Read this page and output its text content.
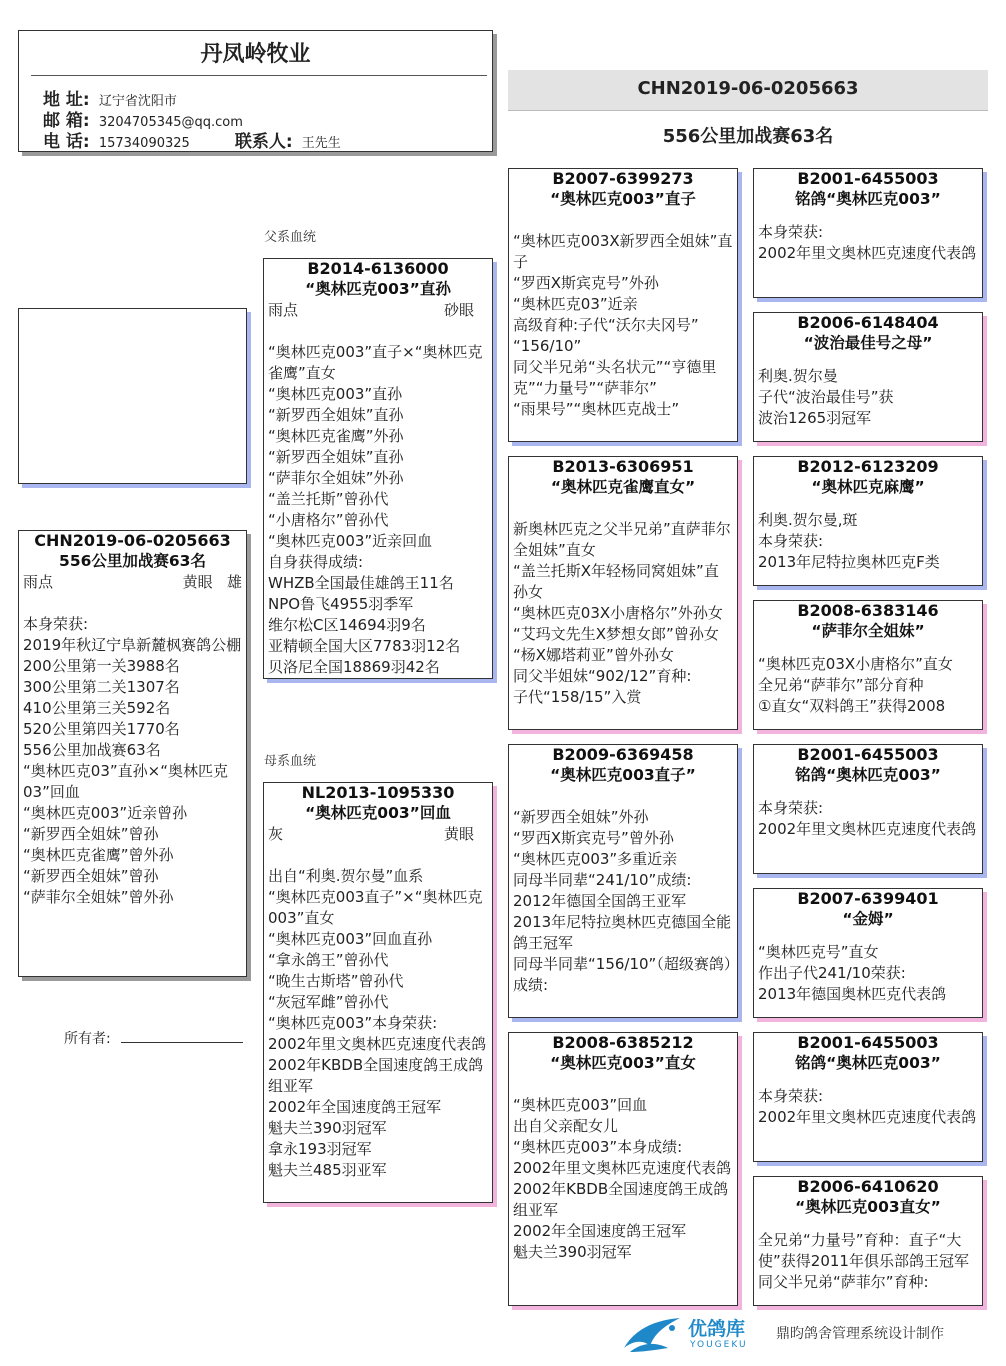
丹凤岭牧业
地 址: 辽宁省沈阳市
邮 箱: 3204705345@qq.com
电 话: 15734090325	联系人: 王先生
CHN2019-06-0205663
556公里加战赛63名
CHN2019-06-0205663
556公里加战赛63名
雨点	黄眼 雄

本身荣获:
2019年秋辽宁阜新麓枫赛鸽公棚
200公里第一关3988名
300公里第二关1307名
410公里第三关592名
520公里第四关1770名
556公里加战赛63名
“奥林匹克03”直孙×“奥林匹克03”回血
“奥林匹克003”近亲曾孙
“新罗西全姐妹”曾孙
“奥林匹克雀鹰”曾外孙
“新罗西全姐妹”曾孙
“萨菲尔全姐妹”曾外孙
所有者:
父系血统
母系血统
B2014-6136000
“奥林匹克003”直孙
雨点	砂眼

“奥林匹克003”直子×“奥林匹克雀鹰”直女
“奥林匹克003”直孙
“新罗西全姐妹”直孙
“奥林匹克雀鹰”外孙
“新罗西全姐妹”直孙
“萨菲尔全姐妹”外孙
“盖兰托斯”曾孙代
“小唐格尔”曾孙代
“奥林匹克003”近亲回血
自身获得成绩:
WHZB全国最佳雄鸽王11名
NPO鲁飞4955羽季军
维尔松C区14694羽9名
亚精顿全国大区7783羽12名
贝洛尼全国18869羽42名
NL2013-1095330
“奥林匹克003”回血
灰	黄眼

出自“利奥.贺尔曼”血系
“奥林匹克003直子”×“奥林匹克003”直女
“奥林匹克003”回血直孙
“拿永鸽王”曾孙代
“晚生古斯塔”曾孙代
“灰冠军雌”曾孙代
“奥林匹克003”本身荣获:
2002年里文奥林匹克速度代表鸽
2002年KBDB全国速度鸽王成鸽组亚军
2002年全国速度鸽王冠军
魁夫兰390羽冠军
拿永193羽冠军
魁夫兰485羽亚军
B2007-6399273
“奥林匹克003”直子

“奥林匹克003X新罗西全姐妹”直子
“罗西X斯宾克号”外孙
“奥林匹克03”近亲
高级育种:子代“沃尔夫冈号”
“156/10”
同父半兄弟“头名状元”“亨德里克”“力量号”“萨菲尔”
“雨果号”“奥林匹克战士”
B2013-6306951
“奥林匹克雀鹰直女”

新奥林匹克之父半兄弟”直萨菲尔全姐妹”直女
“盖兰托斯X年轻杨同窝姐妹”直孙女
“奥林匹克03X小唐格尔”外孙女
“艾玛文先生X梦想女郎”曾孙女
“杨X娜塔莉亚”曾外孙女
同父半姐妹“902/12”育种:
子代“158/15”入赏
B2009-6369458
“奥林匹克003直子”

“新罗西全姐妹”外孙
“罗西X斯宾克号”曾外孙
“奥林匹克003”多重近亲
同母半同辈“241/10”成绩:
2012年德国全国鸽王亚军
2013年尼特拉奥林匹克德国全能鸽王冠军
同母半同辈“156/10”（超级赛鸽）成绩:
B2008-6385212
“奥林匹克003”直女

“奥林匹克003”回血
出自父亲配女儿
“奥林匹克003”本身成绩:
2002年里文奥林匹克速度代表鸽
2002年KBDB全国速度鸽王成鸽组亚军
2002年全国速度鸽王冠军
魁夫兰390羽冠军
B2001-6455003
铭鸽“奥林匹克003”
本身荣获:
2002年里文奥林匹克速度代表鸽
B2006-6148404
“波治最佳号之母”
利奥.贺尔曼
子代“波治最佳号”获
波治1265羽冠军
B2012-6123209
“奥林匹克麻鹰”
利奥.贺尔曼,斑
本身荣获:
2013年尼特拉奥林匹克F类
B2008-6383146
“萨菲尔全姐妹”
“奥林匹克03X小唐格尔”直女
全兄弟“萨菲尔”部分育种
①直女“双料鸽王”获得2008
B2001-6455003
铭鸽“奥林匹克003”
本身荣获:
2002年里文奥林匹克速度代表鸽
B2007-6399401
“金姆”
“奥林匹克号”直女
作出子代241/10荣获:
2013年德国奥林匹克代表鸽
B2001-6455003
铭鸽“奥林匹克003”
本身荣获:
2002年里文奥林匹克速度代表鸽
B2006-6410620
“奥林匹克003直女”
全兄弟“力量号”育种：直子“大使”获得2011年俱乐部鸽王冠军
同父半兄弟“萨菲尔”育种:
优鸽库
YOUGEKU
鼎昀鸽舍管理系统设计制作
